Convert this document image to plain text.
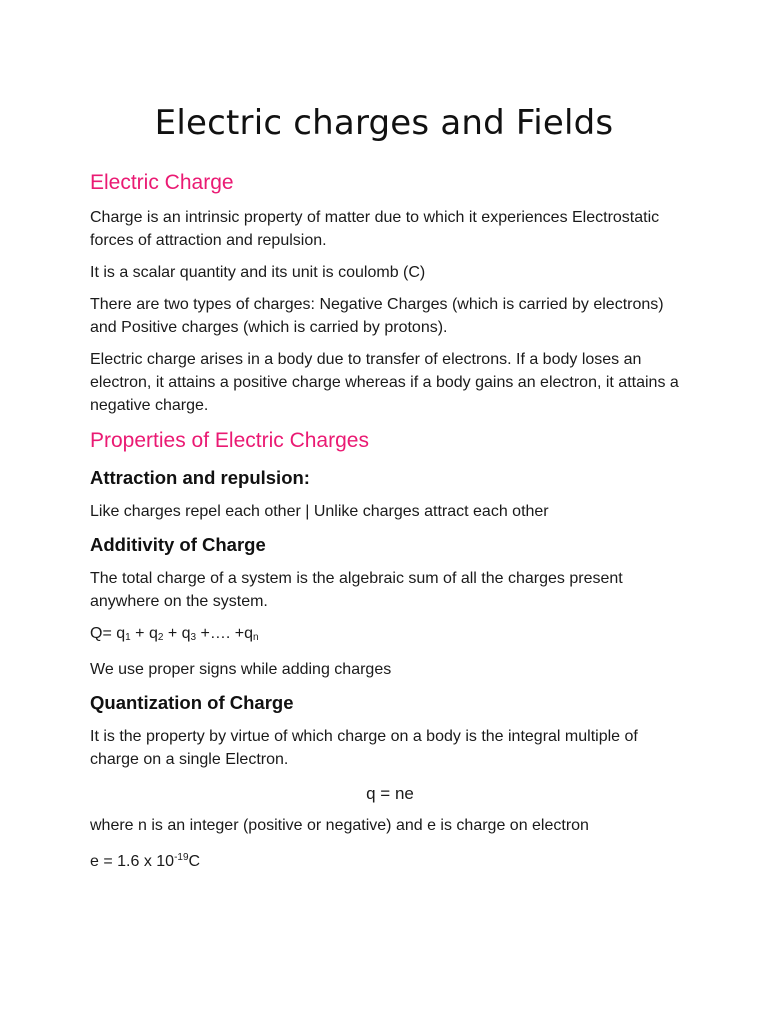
Electric charges and Fields
Electric Charge

Charge is an intrinsic property of matter due to which it experiences Electrostatic forces of attraction and repulsion.

It is a scalar quantity and its unit is coulomb (C)

There are two types of charges: Negative Charges (which is carried by electrons) and Positive charges (which is carried by protons).

Electric charge arises in a body due to transfer of electrons. If a body loses an electron, it attains a positive charge whereas if a body gains an electron, it attains a negative charge.

Properties of Electric Charges
Attraction and repulsion:

Like charges repel each other | Unlike charges attract each other

Additivity of Charge

The total charge of a system is the algebraic sum of all the charges present anywhere on the system.

$Q= q_1 + q_2 + q_3$ +…. $+q_n$

We use proper signs while adding charges

Quantization of Charge

It is the property by virtue of which charge on a body is the integral multiple of charge on a single Electron.

q = ne

where n is an integer (positive or negative) and e is charge on electron

e = 1.6 x $10^{-19}C$
